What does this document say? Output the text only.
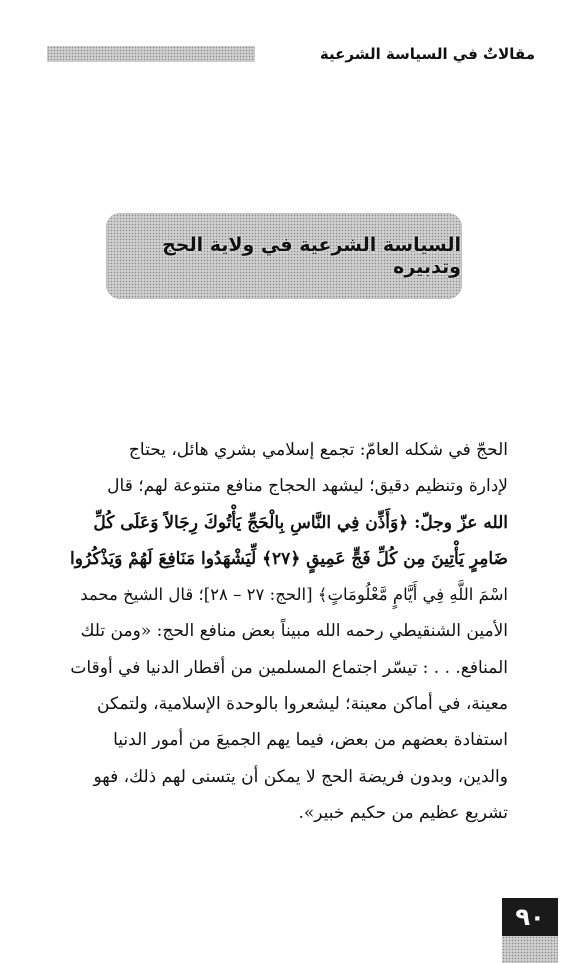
مقالاتٌ في السياسة الشرعية
السياسة الشرعية في ولاية الحج وتدبيره
الحجّ في شكله العامّ: تجمع إسلامي بشري هائل، يحتاج
لإدارة وتنظيم دقيق؛ ليشهد الحجاج منافع متنوعة لهم؛ قال
الله عزّ وجلّ: ﴿وَأَذِّن فِي النَّاسِ بِالْحَجِّ يَأْتُوكَ رِجَالاً وَعَلَى كُلِّ
ضَامِرٍ يَأْتِينَ مِن كُلِّ فَجٍّ عَمِيقٍ ﴿٢٧﴾ لِّيَشْهَدُوا مَنَافِعَ لَهُمْ وَيَذْكُرُوا
اسْمَ اللَّهِ فِي أَيَّامٍ مَّعْلُومَاتٍ﴾ [الحج: ٢٧ – ٢٨]؛ قال الشيخ محمد
الأمين الشنقيطي رحمه الله مبيناً بعض منافع الحج: «ومن تلك
المنافع. . . : تيسّر اجتماع المسلمين من أقطار الدنيا في أوقات
معينة، في أماكن معينة؛ ليشعروا بالوحدة الإسلامية، ولتمكن
استفادة بعضهم من بعض، فيما يهم الجميعَ من أمور الدنيا
والدين، وبدون فريضة الحج لا يمكن أن يتسنى لهم ذلك، فهو
تشريع عظيم من حكيم خبير».
٩٠
